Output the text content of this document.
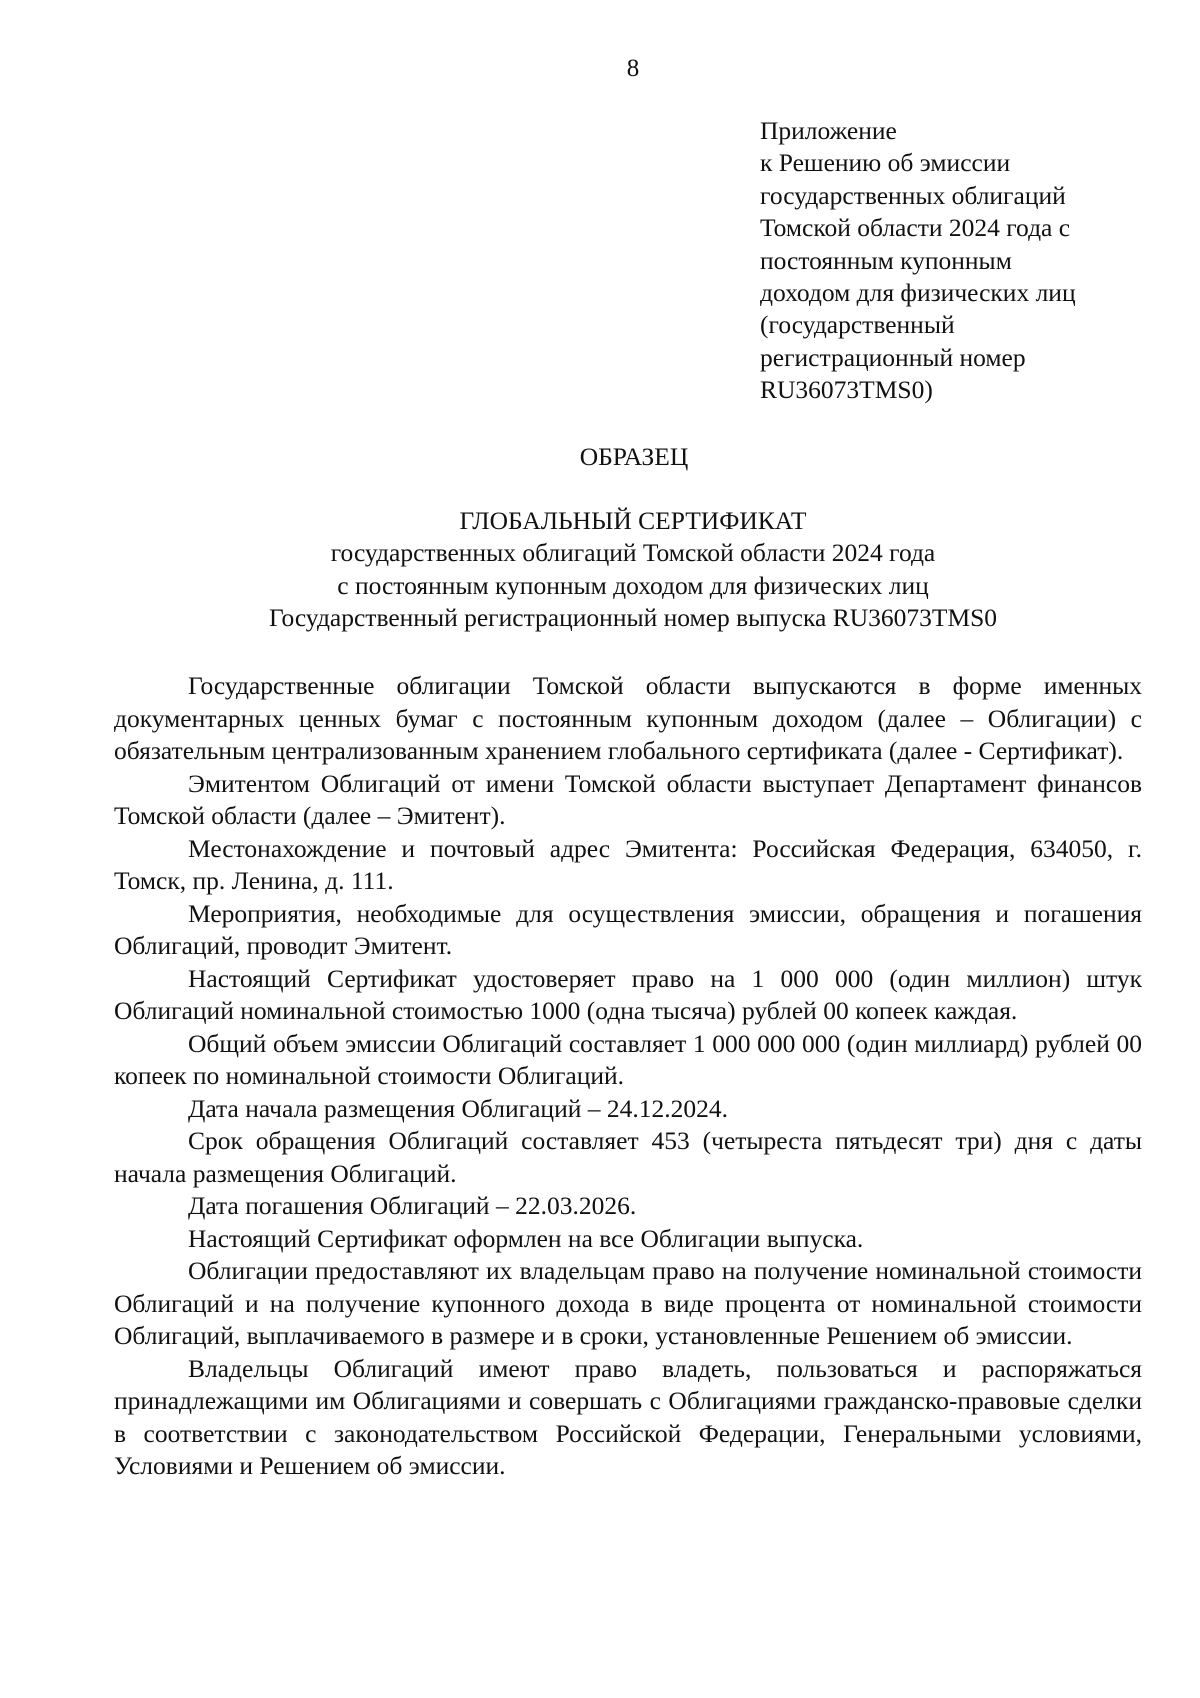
8
Приложение
к Решению об эмиссии
государственных облигаций
Томской области 2024 года с
постоянным купонным
доходом для физических лиц
(государственный
регистрационный номер
RU36073TMS0)
ОБРАЗЕЦ
ГЛОБАЛЬНЫЙ СЕРТИФИКАТ
государственных облигаций Томской области 2024 года
с постоянным купонным доходом для физических лиц
Государственный регистрационный номер выпуска RU36073TMS0

Государственные облигации Томской области выпускаются в форме именных документарных ценных бумаг с постоянным купонным доходом (далее – Облигации) с обязательным централизованным хранением глобального сертификата (далее - Сертификат).

Эмитентом Облигаций от имени Томской области выступает Департамент финансов Томской области (далее – Эмитент).

Местонахождение и почтовый адрес Эмитента: Российская Федерация, 634050, г. Томск, пр. Ленина, д. 111.

Мероприятия, необходимые для осуществления эмиссии, обращения и погашения Облигаций, проводит Эмитент.

Настоящий Сертификат удостоверяет право на 1 000 000 (один миллион) штук Облигаций номинальной стоимостью 1000 (одна тысяча) рублей 00 копеек каждая.

Общий объем эмиссии Облигаций составляет 1 000 000 000 (один миллиард) рублей 00 копеек по номинальной стоимости Облигаций.

Дата начала размещения Облигаций – 24.12.2024.

Срок обращения Облигаций составляет 453 (четыреста пятьдесят три) дня с даты начала размещения Облигаций.

Дата погашения Облигаций – 22.03.2026.

Настоящий Сертификат оформлен на все Облигации выпуска.

Облигации предоставляют их владельцам право на получение номинальной стоимости Облигаций и на получение купонного дохода в виде процента от номинальной стоимости Облигаций, выплачиваемого в размере и в сроки, установленные Решением об эмиссии.

Владельцы Облигаций имеют право владеть, пользоваться и распоряжаться принадлежащими им Облигациями и совершать с Облигациями гражданско-правовые сделки в соответствии с законодательством Российской Федерации, Генеральными условиями, Условиями и Решением об эмиссии.
